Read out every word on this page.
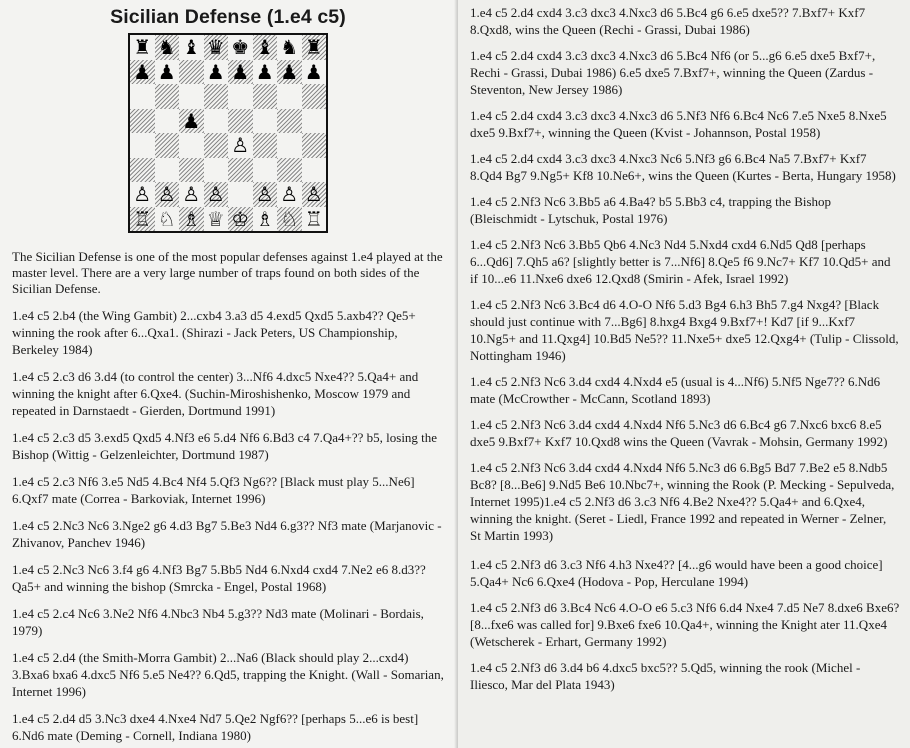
Sicilian Defense (1.e4 c5)
♜ ♞ ♝ ♛ ♚ ♝ ♞ ♜
♟ ♟ ♟ ♟ ♟ ♟ ♟
♟
♙
♙ ♙ ♙ ♙ ♙ ♙ ♙
♖ ♘ ♗ ♕ ♔ ♗ ♘ ♖
The Sicilian Defense is one of the most popular defenses against 1.e4 played at the master level. There are a very large number of traps found on both sides of the Sicilian Defense.
1.e4 c5 2.b4 (the Wing Gambit) 2...cxb4 3.a3 d5 4.exd5 Qxd5 5.axb4?? Qe5+ winning the rook after 6...Qxa1. (Shirazi - Jack Peters, US Championship, Berkeley 1984)
1.e4 c5 2.c3 d6 3.d4 (to control the center) 3...Nf6 4.dxc5 Nxe4?? 5.Qa4+ and winning the knight after 6.Qxe4. (Suchin-Miroshishenko, Moscow 1979 and repeated in Darnstaedt - Gierden, Dortmund 1991)
1.e4 c5 2.c3 d5 3.exd5 Qxd5 4.Nf3 e6 5.d4 Nf6 6.Bd3 c4 7.Qa4+?? b5, losing the Bishop (Wittig - Gelzenleichter, Dortmund 1987)
1.e4 c5 2.c3 Nf6 3.e5 Nd5 4.Bc4 Nf4 5.Qf3 Ng6?? [Black must play 5...Ne6] 6.Qxf7 mate (Correa - Barkoviak, Internet 1996)
1.e4 c5 2.Nc3 Nc6 3.Nge2 g6 4.d3 Bg7 5.Be3 Nd4 6.g3?? Nf3 mate (Marjanovic - Zhivanov, Panchev 1946)
1.e4 c5 2.Nc3 Nc6 3.f4 g6 4.Nf3 Bg7 5.Bb5 Nd4 6.Nxd4 cxd4 7.Ne2 e6 8.d3?? Qa5+ and winning the bishop (Smrcka - Engel, Postal 1968)
1.e4 c5 2.c4 Nc6 3.Ne2 Nf6 4.Nbc3 Nb4 5.g3?? Nd3 mate (Molinari - Bordais, 1979)
1.e4 c5 2.d4 (the Smith-Morra Gambit) 2...Na6 (Black should play 2...cxd4) 3.Bxa6 bxa6 4.dxc5 Nf6 5.e5 Ne4?? 6.Qd5, trapping the Knight. (Wall - Somarian, Internet 1996)
1.e4 c5 2.d4 d5 3.Nc3 dxe4 4.Nxe4 Nd7 5.Qe2 Ngf6?? [perhaps 5...e6 is best] 6.Nd6 mate (Deming - Cornell, Indiana 1980)
1.e4 c5 2.d4 cxd4 3.c3 dxc3 4.Nxc3 d6 5.Bc4 g6 6.e5 dxe5?? 7.Bxf7+ Kxf7 8.Qxd8, wins the Queen (Rechi - Grassi, Dubai 1986)
1.e4 c5 2.d4 cxd4 3.c3 dxc3 4.Nxc3 d6 5.Bc4 Nf6 (or 5...g6 6.e5 dxe5 Bxf7+, Rechi - Grassi, Dubai 1986) 6.e5 dxe5 7.Bxf7+, winning the Queen (Zardus - Steventon, New Jersey 1986)
1.e4 c5 2.d4 cxd4 3.c3 dxc3 4.Nxc3 d6 5.Nf3 Nf6 6.Bc4 Nc6 7.e5 Nxe5 8.Nxe5 dxe5 9.Bxf7+, winning the Queen (Kvist - Johannson, Postal 1958)
1.e4 c5 2.d4 cxd4 3.c3 dxc3 4.Nxc3 Nc6 5.Nf3 g6 6.Bc4 Na5 7.Bxf7+ Kxf7 8.Qd4 Bg7 9.Ng5+ Kf8 10.Ne6+, wins the Queen (Kurtes - Berta, Hungary 1958)
1.e4 c5 2.Nf3 Nc6 3.Bb5 a6 4.Ba4? b5 5.Bb3 c4, trapping the Bishop (Bleischmidt - Lytschuk, Postal 1976)
1.e4 c5 2.Nf3 Nc6 3.Bb5 Qb6 4.Nc3 Nd4 5.Nxd4 cxd4 6.Nd5 Qd8 [perhaps 6...Qd6] 7.Qh5 a6? [slightly better is 7...Nf6] 8.Qe5 f6 9.Nc7+ Kf7 10.Qd5+ and if 10...e6 11.Nxe6 dxe6 12.Qxd8 (Smirin - Afek, Israel 1992)
1.e4 c5 2.Nf3 Nc6 3.Bc4 d6 4.O-O Nf6 5.d3 Bg4 6.h3 Bh5 7.g4 Nxg4? [Black should just continue with 7...Bg6] 8.hxg4 Bxg4 9.Bxf7+! Kd7 [if 9...Kxf7 10.Ng5+ and 11.Qxg4] 10.Bd5 Ne5?? 11.Nxe5+ dxe5 12.Qxg4+ (Tulip - Clissold, Nottingham 1946)
1.e4 c5 2.Nf3 Nc6 3.d4 cxd4 4.Nxd4 e5 (usual is 4...Nf6) 5.Nf5 Nge7?? 6.Nd6 mate (McCrowther - McCann, Scotland 1893)
1.e4 c5 2.Nf3 Nc6 3.d4 cxd4 4.Nxd4 Nf6 5.Nc3 d6 6.Bc4 g6 7.Nxc6 bxc6 8.e5 dxe5 9.Bxf7+ Kxf7 10.Qxd8 wins the Queen (Vavrak - Mohsin, Germany 1992)
1.e4 c5 2.Nf3 Nc6 3.d4 cxd4 4.Nxd4 Nf6 5.Nc3 d6 6.Bg5 Bd7 7.Be2 e5 8.Ndb5 Bc8? [8...Be6] 9.Nd5 Be6 10.Nbc7+, winning the Rook (P. Mecking - Sepulveda, Internet 1995)1.e4 c5 2.Nf3 d6 3.c3 Nf6 4.Be2 Nxe4?? 5.Qa4+ and 6.Qxe4, winning the knight. (Seret - Liedl, France 1992 and repeated in Werner - Zelner, St Martin 1993)
1.e4 c5 2.Nf3 d6 3.c3 Nf6 4.h3 Nxe4?? [4...g6 would have been a good choice] 5.Qa4+ Nc6 6.Qxe4 (Hodova - Pop, Herculane 1994)
1.e4 c5 2.Nf3 d6 3.Bc4 Nc6 4.O-O e6 5.c3 Nf6 6.d4 Nxe4 7.d5 Ne7 8.dxe6 Bxe6? [8...fxe6 was called for] 9.Bxe6 fxe6 10.Qa4+, winning the Knight ater 11.Qxe4 (Wetscherek - Erhart, Germany 1992)
1.e4 c5 2.Nf3 d6 3.d4 b6 4.dxc5 bxc5?? 5.Qd5, winning the rook (Michel - Iliesco, Mar del Plata 1943)
